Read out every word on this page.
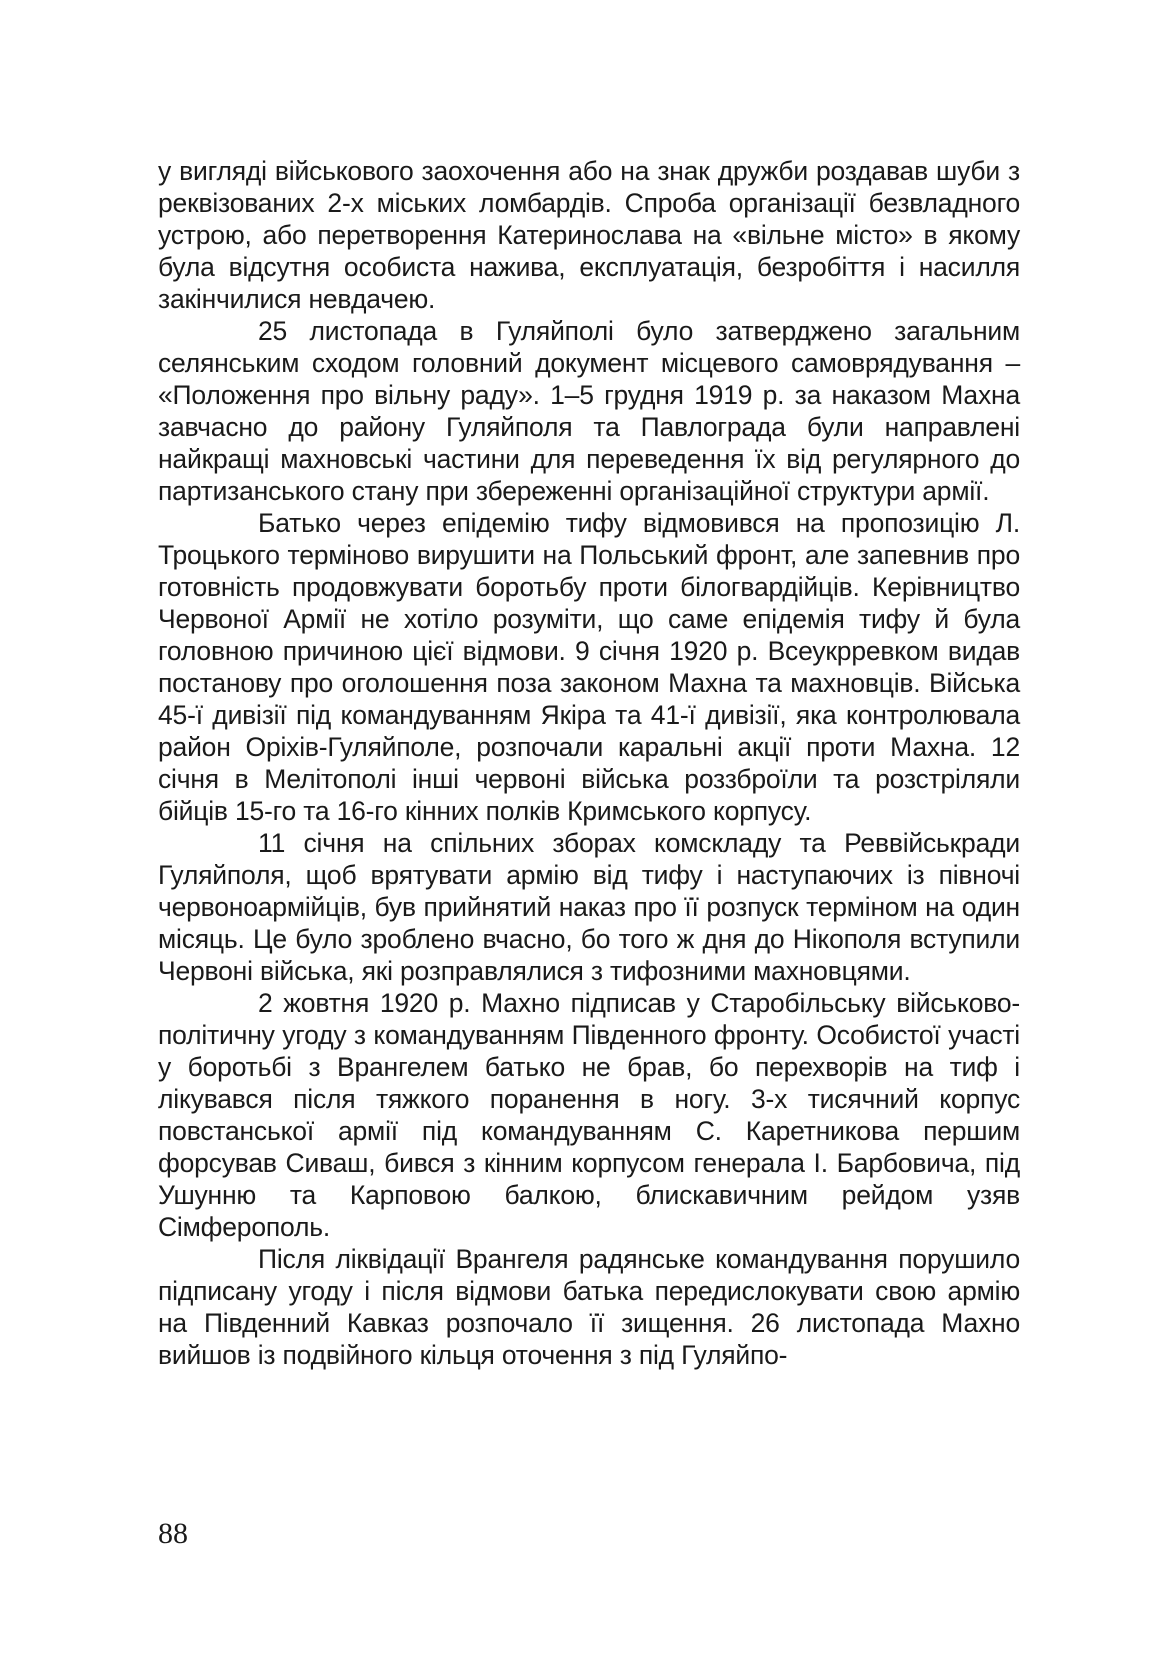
у вигляді військового заохочення або на знак дружби роздавав шуби з реквізованих 2-х міських ломбардів. Спроба організації безвладного устрою, або перетворення Катеринослава на «вільне місто» в якому була відсутня особиста нажива, експлуатація, безробіття і насилля закінчилися невдачею.

25 листопада в Гуляйполі було затверджено загальним селянським сходом головний документ місцевого самоврядування – «Положення про вільну раду». 1–5 грудня 1919 р. за наказом Махна завчасно до району Гуляйполя та Павлограда були направлені найкращі махновські частини для переведення їх від регулярного до партизанського стану при збереженні організаційної структури армії.

Батько через епідемію тифу відмовився на пропозицію Л. Троцького терміново вирушити на Польський фронт, але запевнив про готовність продовжувати боротьбу проти білогвардійців. Керівництво Червоної Армії не хотіло розуміти, що саме епідемія тифу й була головною причиною цієї відмови. 9 січня 1920 р. Всеукрревком видав постанову про оголошення поза законом Махна та махновців. Війська 45-ї дивізії під командуванням Якіра та 41-ї дивізії, яка контролювала район Оріхів-Гуляйполе, розпочали каральні акції проти Махна. 12 січня в Мелітополі інші червоні війська роззброїли та розстріляли бійців 15-го та 16-го кінних полків Кримського корпусу.

11 січня на спільних зборах комскладу та Реввійськради Гуляйполя, щоб врятувати армію від тифу і наступаючих із півночі червоноармійців, був прийнятий наказ про її розпуск терміном на один місяць. Це було зроблено вчасно, бо того ж дня до Нікополя вступили Червоні війська, які розправлялися з тифозними махновцями.

2 жовтня 1920 р. Махно підписав у Старобільську військово-політичну угоду з командуванням Південного фронту. Особистої участі у боротьбі з Врангелем батько не брав, бо перехворів на тиф і лікувався після тяжкого поранення в ногу. 3-х тисячний корпус повстанської армії під командуванням С. Каретникова першим форсував Сиваш, бився з кінним корпусом генерала І. Барбовича, під Ушунню та Карповою балкою, блискавичним рейдом узяв Сімферополь.

Після ліквідації Врангеля радянське командування порушило підписану угоду і після відмови батька передислокувати свою армію на Південний Кавказ розпочало її зищення. 26 листопада Махно вийшов із подвійного кільця оточення з під Гуляйпо-

88
